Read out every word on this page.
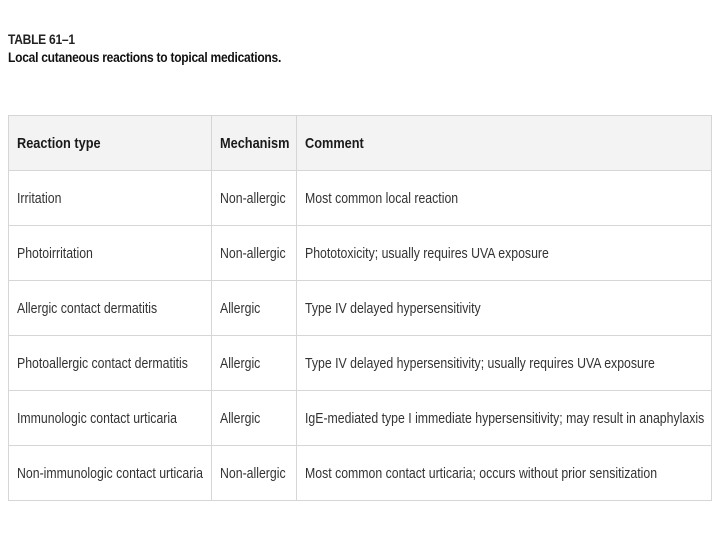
TABLE 61–1
Local cutaneous reactions to topical medications.
Reaction type	Mechanism	Comment
Irritation	Non-allergic	Most common local reaction
Photoirritation	Non-allergic	Phototoxicity; usually requires UVA exposure
Allergic contact dermatitis	Allergic	Type IV delayed hypersensitivity
Photoallergic contact dermatitis	Allergic	Type IV delayed hypersensitivity; usually requires UVA exposure
Immunologic contact urticaria	Allergic	IgE-mediated type I immediate hypersensitivity; may result in anaphylaxis
Non-immunologic contact urticaria	Non-allergic	Most common contact urticaria; occurs without prior sensitization
